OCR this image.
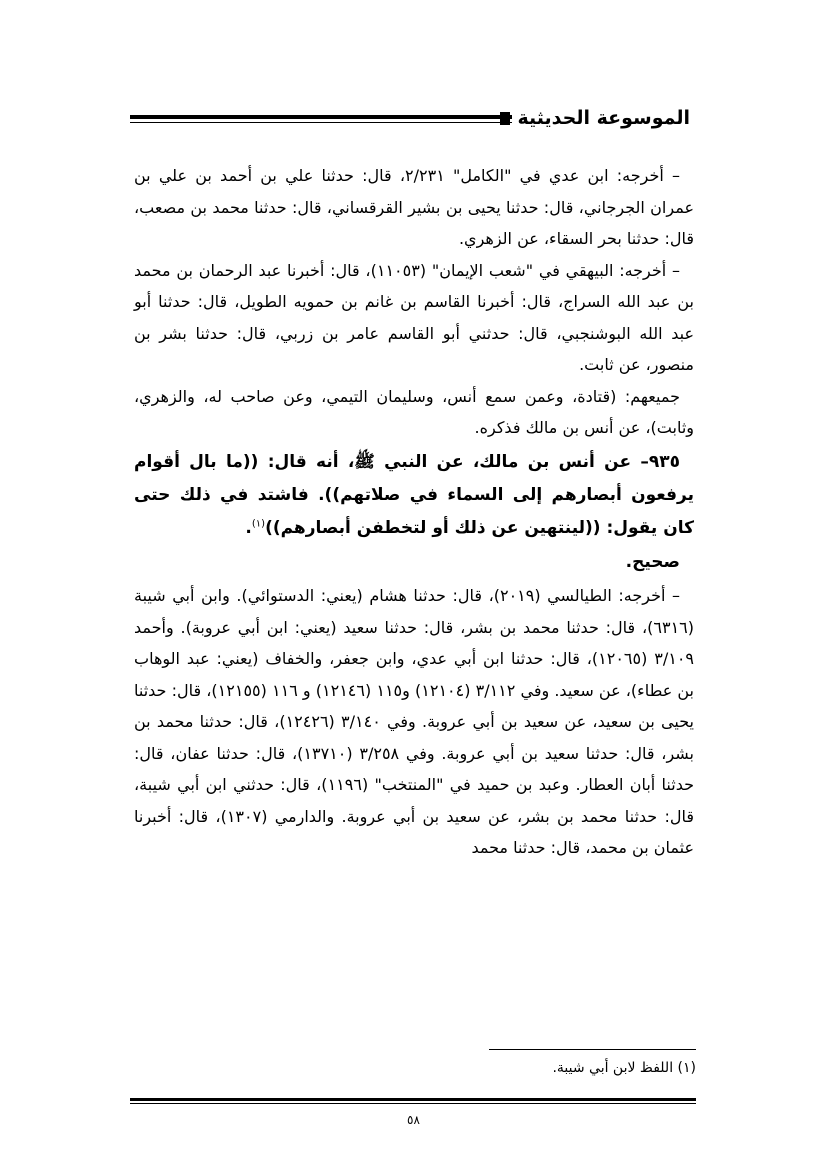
الموسوعة الحديثية

– أخرجه: ابن عدي في "الكامل" ٢/٢٣١، قال: حدثنا علي بن أحمد بن علي بن عمران الجرجاني، قال: حدثنا يحيى بن بشير القرقساني، قال: حدثنا محمد بن مصعب، قال: حدثنا بحر السقاء، عن الزهري.

– أخرجه: البيهقي في "شعب الإيمان" (١١٠٥٣)، قال: أخبرنا عبد الرحمان بن محمد بن عبد الله السراج، قال: أخبرنا القاسم بن غانم بن حمويه الطويل، قال: حدثنا أبو عبد الله البوشنجبي، قال: حدثني أبو القاسم عامر بن زربي، قال: حدثنا بشر بن منصور، عن ثابت.

جميعهم: (قتادة، وعمن سمع أنس، وسليمان التيمي، وعن صاحب له، والزهري، وثابت)، عن أنس بن مالك فذكره.

٩٣٥– عن أنس بن مالك، عن النبي ﷺ، أنه قال: ((ما بال أقوام يرفعون أبصارهم إلى السماء في صلاتهم)). فاشتد في ذلك حتى كان يقول: ((لينتهين عن ذلك أو لتخطفن أبصارهم))$^{(١)}$.

صحيح.

– أخرجه: الطيالسي (٢٠١٩)، قال: حدثنا هشام (يعني: الدستوائي). وابن أبي شيبة (٦٣١٦)، قال: حدثنا محمد بن بشر، قال: حدثنا سعيد (يعني: ابن أبي عروبة). وأحمد ٣/١٠٩ (١٢٠٦٥)، قال: حدثنا ابن أبي عدي، وابن جعفر، والخفاف (يعني: عبد الوهاب بن عطاء)، عن سعيد. وفي ٣/١١٢ (١٢١٠٤) و١١٥ (١٢١٤٦) و ١١٦ (١٢١٥٥)، قال: حدثنا يحيى بن سعيد، عن سعيد بن أبي عروبة. وفي ٣/١٤٠ (١٢٤٢٦)، قال: حدثنا محمد بن بشر، قال: حدثنا سعيد بن أبي عروبة. وفي ٣/٢٥٨ (١٣٧١٠)، قال: حدثنا عفان، قال: حدثنا أبان العطار. وعبد بن حميد في "المنتخب" (١١٩٦)، قال: حدثني ابن أبي شيبة، قال: حدثنا محمد بن بشر، عن سعيد بن أبي عروبة. والدارمي (١٣٠٧)، قال: أخبرنا عثمان بن محمد، قال: حدثنا محمد

(١) اللفظ لابن أبي شيبة.
٥٨
